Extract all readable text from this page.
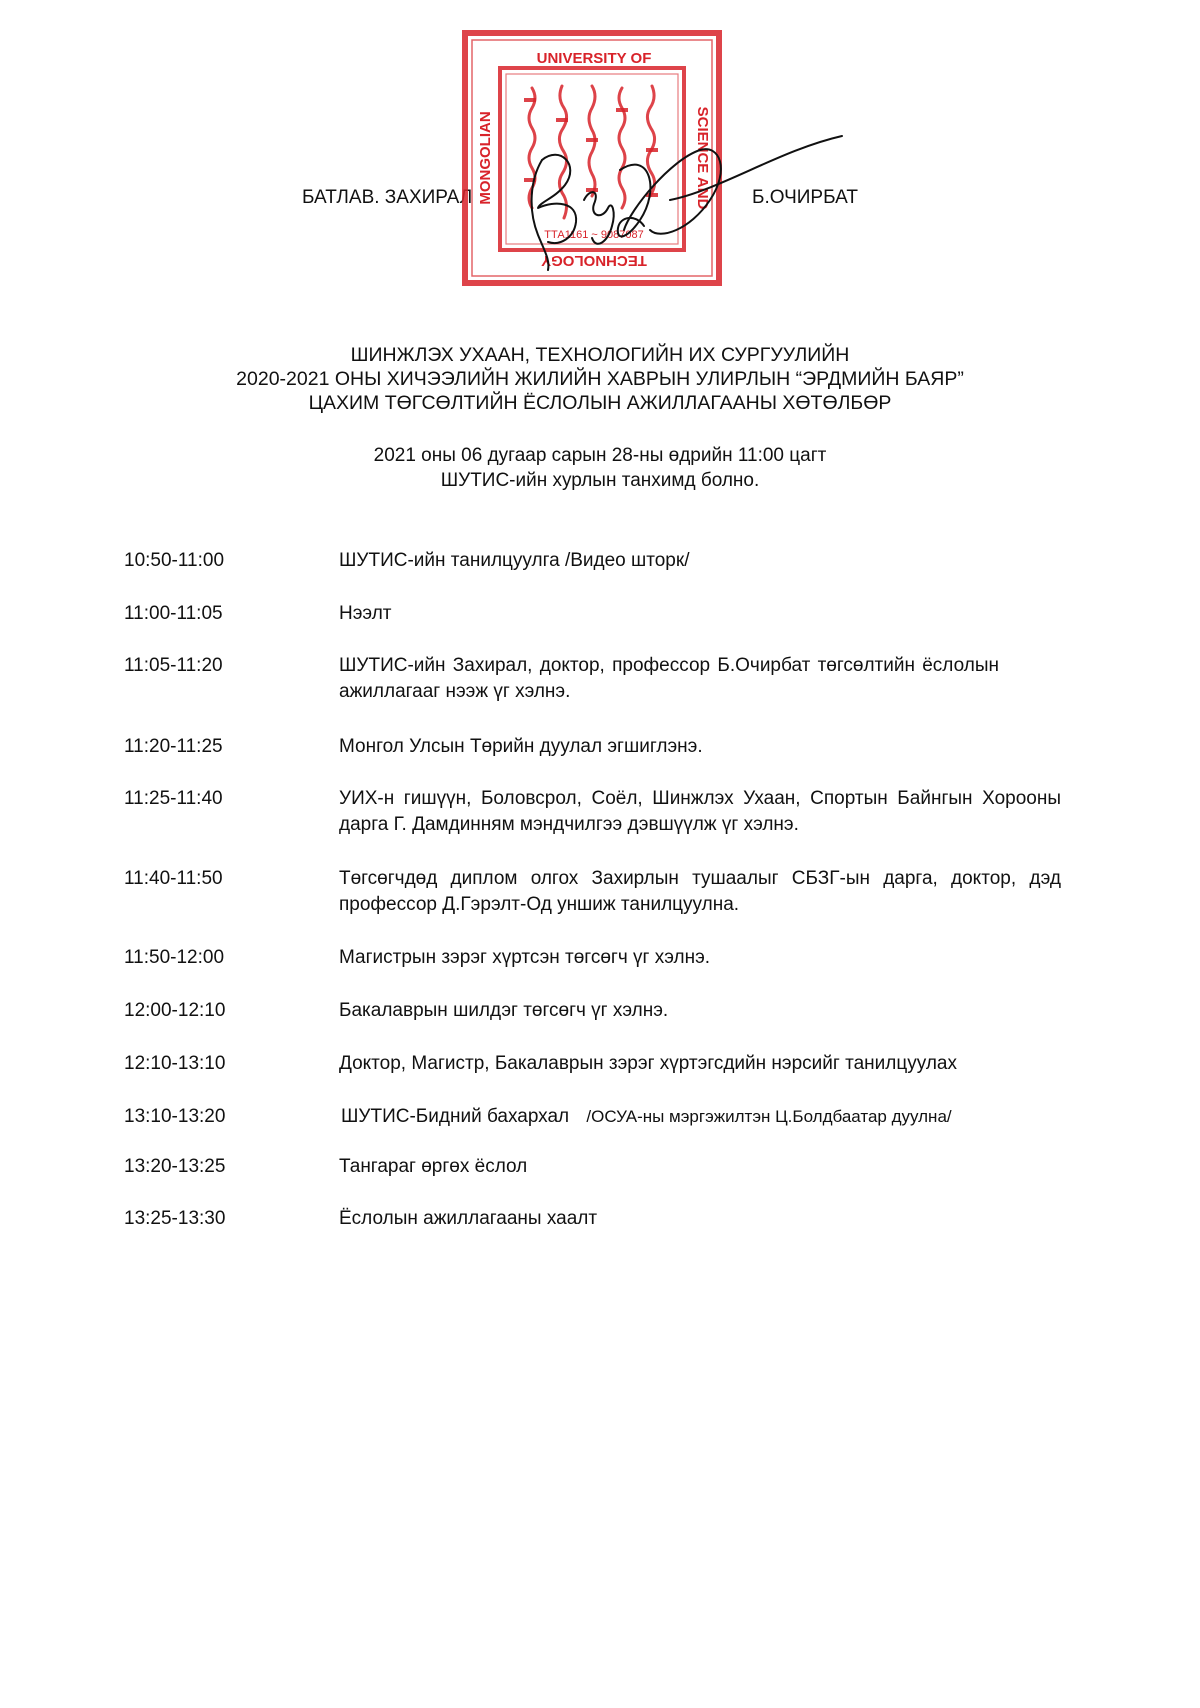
БАТЛАВ. ЗАХИРАЛ	Б.ОЧИРБАТ
UNIVERSITY OF
TECHNOLOGY
MONGOLIAN	SCIENCE AND
ТТА1161 ~ 9087087
ШИНЖЛЭХ УХААН, ТЕХНОЛОГИЙН ИХ СУРГУУЛИЙН
2020-2021 ОНЫ ХИЧЭЭЛИЙН ЖИЛИЙН ХАВРЫН УЛИРЛЫН “ЭРДМИЙН БАЯР”
ЦАХИМ ТӨГСӨЛТИЙН ЁСЛОЛЫН АЖИЛЛАГААНЫ ХӨТӨЛБӨР
2021 оны 06 дугаар сарын 28-ны өдрийн 11:00 цагт
ШУТИС-ийн хурлын танхимд болно.
10:50-11:00	ШУТИС-ийн танилцуулга /Видео шторк/
11:00-11:05	Нээлт
11:05-11:20	ШУТИС-ийн Захирал, доктор, профессор Б.Очирбат төгсөлтийн ёслолын ажиллагааг нээж үг хэлнэ.
11:20-11:25	Монгол Улсын Төрийн дуулал эгшиглэнэ.
11:25-11:40	УИХ-н гишүүн, Боловсрол, Соёл, Шинжлэх Ухаан, Спортын Байнгын Хорооны дарга Г. Дамдинням мэндчилгээ дэвшүүлж үг хэлнэ.
11:40-11:50	Төгсөгчдөд диплом олгох Захирлын тушаалыг СБЗГ-ын дарга, доктор, дэд профессор Д.Гэрэлт-Од уншиж танилцуулна.
11:50-12:00	Магистрын зэрэг хүртсэн төгсөгч үг хэлнэ.
12:00-12:10	Бакалаврын шилдэг төгсөгч үг хэлнэ.
12:10-13:10	Доктор, Магистр, Бакалаврын зэрэг хүртэгсдийн нэрсийг танилцуулах
13:10-13:20	ШУТИС-Бидний бахархал /ОСУА-ны мэргэжилтэн Ц.Болдбаатар дуулна/
13:20-13:25	Тангараг өргөх ёслол
13:25-13:30	Ёслолын ажиллагааны хаалт
